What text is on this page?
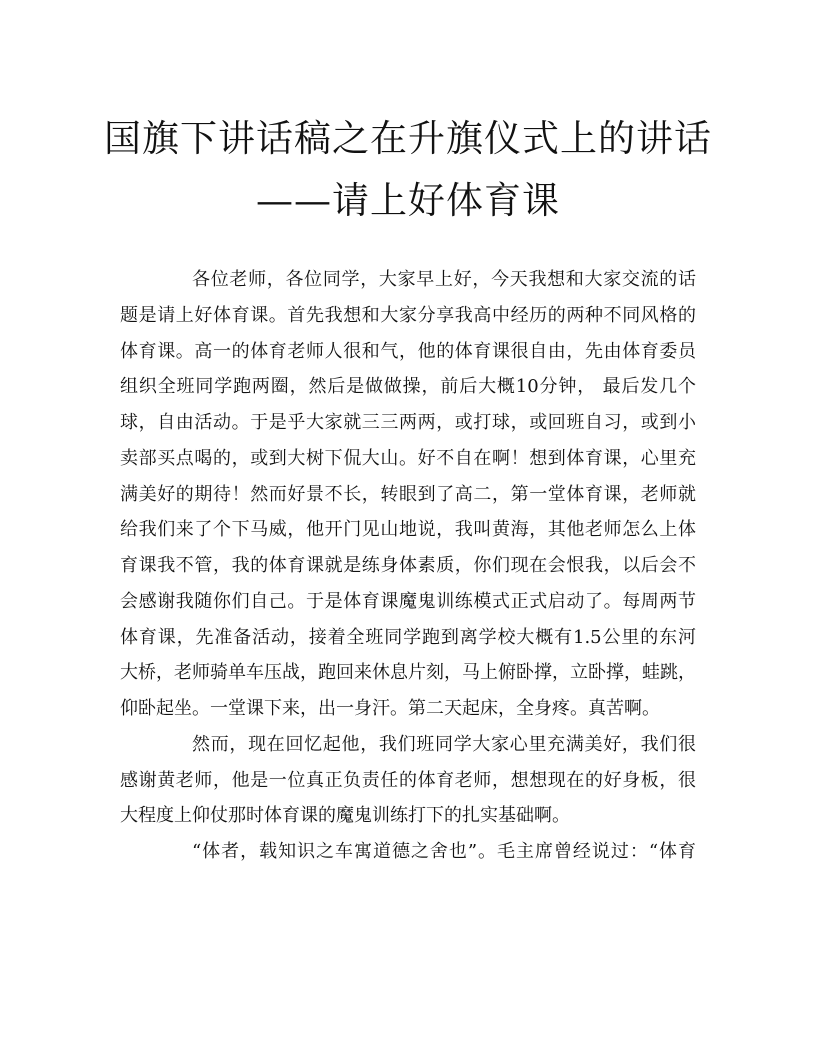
国旗下讲话稿之在升旗仪式上的讲话
——请上好体育课
各位老师，各位同学，大家早上好，今天我想和大家交流的话
题是请上好体育课。首先我想和大家分享我高中经历的两种不同风格的
体育课。高一的体育老师人很和气，他的体育课很自由，先由体育委员
组织全班同学跑两圈，然后是做做操，前后大概10分钟， 最后发几个
球，自由活动。于是乎大家就三三两两，或打球，或回班自习，或到小
卖部买点喝的，或到大树下侃大山。好不自在啊！想到体育课，心里充
满美好的期待！然而好景不长，转眼到了高二，第一堂体育课，老师就
给我们来了个下马威，他开门见山地说，我叫黄海，其他老师怎么上体
育课我不管，我的体育课就是练身体素质，你们现在会恨我，以后会不
会感谢我随你们自己。于是体育课魔鬼训练模式正式启动了。每周两节
体育课，先准备活动，接着全班同学跑到离学校大概有1.5公里的东河
大桥，老师骑单车压战，跑回来休息片刻，马上俯卧撑，立卧撑，蛙跳，
仰卧起坐。一堂课下来，出一身汗。第二天起床，全身疼。真苦啊。
然而，现在回忆起他，我们班同学大家心里充满美好，我们很
感谢黄老师，他是一位真正负责任的体育老师，想想现在的好身板，很
大程度上仰仗那时体育课的魔鬼训练打下的扎实基础啊。
“体者，载知识之车寓道德之舍也”。毛主席曾经说过：“体育
